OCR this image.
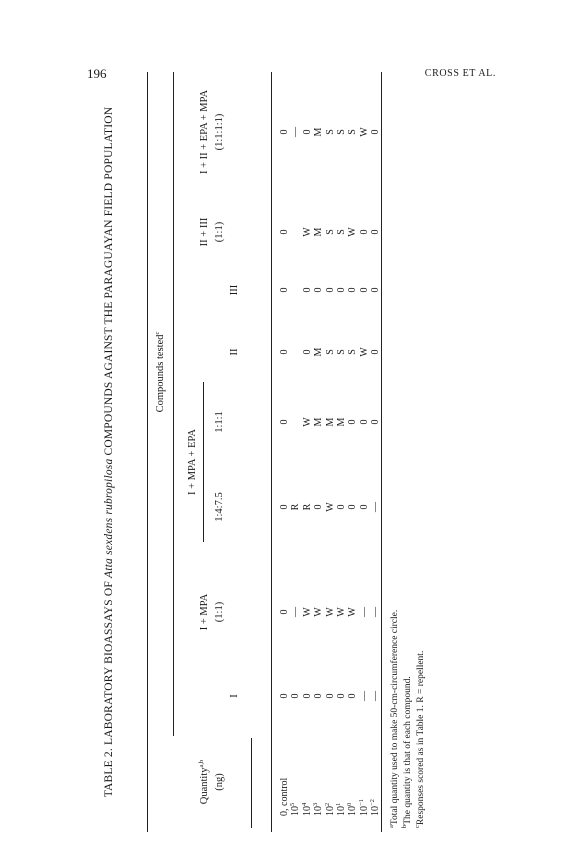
196	CROSS ET AL.
TABLE 2. LABORATORY BIOASSAYS OF Atta sexdens rubropilosa COMPOUNDS AGAINST THE PARAGUAYAN FIELD POPULATION	Compounds tested$^c$
Quantity$^{a,b}$
(ng)
I
I + MPA (1:1)
I + MPA + EPA
1:4:7.5
1:1:1
II
III
II + III (1:1)
I + II + EPA + MPA (1:1:1:1)
0, control
0
0
0
0
0
0
0
0
$10^5$
0
R
$10^4$
0
W
R
W
0
0
W
0
$10^3$
0
W
0
M
M
0
M
M
$10^2$
0
W
W
M
S
0
S
S
$10^1$
0
W
0
M
S
0
S
S
$10^0$
0
W
0
0
S
0
W
S
$10^{-1}$
0
0
W
0
0
W
$10^{-2}$
0
0
0
0
0
—
—
—
—
—
—
—
$^a$Total quantity used to make 50-cm-circumference circle.
$^b$The quantity is that of each compound.
$^c$Responses scored as in Table 1. R = repellent.
